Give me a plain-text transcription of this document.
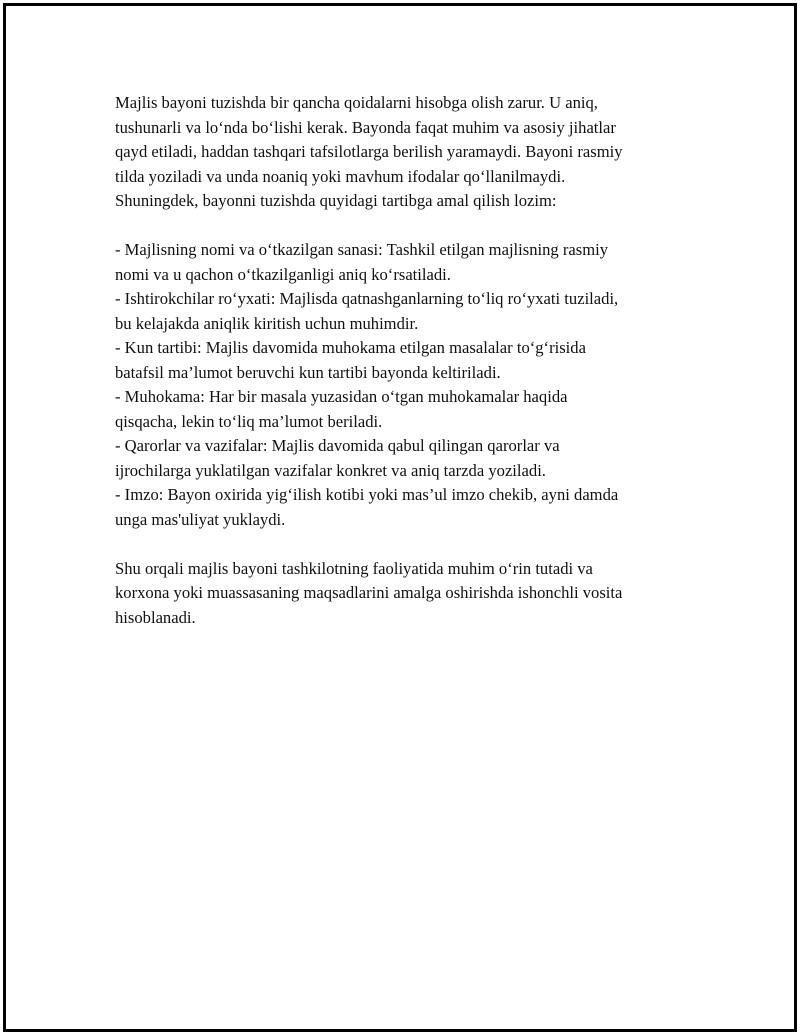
Majlis bayoni tuzishda bir qancha qoidalarni hisobga olish zarur. U aniq,

tushunarli va lo‘nda bo‘lishi kerak. Bayonda faqat muhim va asosiy jihatlar

qayd etiladi, haddan tashqari tafsilotlarga berilish yaramaydi. Bayoni rasmiy

tilda yoziladi va unda noaniq yoki mavhum ifodalar qo‘llanilmaydi.

Shuningdek, bayonni tuzishda quyidagi tartibga amal qilish lozim:

- Majlisning nomi va o‘tkazilgan sanasi: Tashkil etilgan majlisning rasmiy

nomi va u qachon o‘tkazilganligi aniq ko‘rsatiladi.

- Ishtirokchilar ro‘yxati: Majlisda qatnashganlarning to‘liq ro‘yxati tuziladi,

bu kelajakda aniqlik kiritish uchun muhimdir.

- Kun tartibi: Majlis davomida muhokama etilgan masalalar to‘g‘risida

batafsil ma’lumot beruvchi kun tartibi bayonda keltiriladi.

- Muhokama: Har bir masala yuzasidan o‘tgan muhokamalar haqida

qisqacha, lekin to‘liq ma’lumot beriladi.

- Qarorlar va vazifalar: Majlis davomida qabul qilingan qarorlar va

ijrochilarga yuklatilgan vazifalar konkret va aniq tarzda yoziladi.

- Imzo: Bayon oxirida yig‘ilish kotibi yoki mas’ul imzo chekib, ayni damda

unga mas'uliyat yuklaydi.

Shu orqali majlis bayoni tashkilotning faoliyatida muhim o‘rin tutadi va

korxona yoki muassasaning maqsadlarini amalga oshirishda ishonchli vosita

hisoblanadi.
